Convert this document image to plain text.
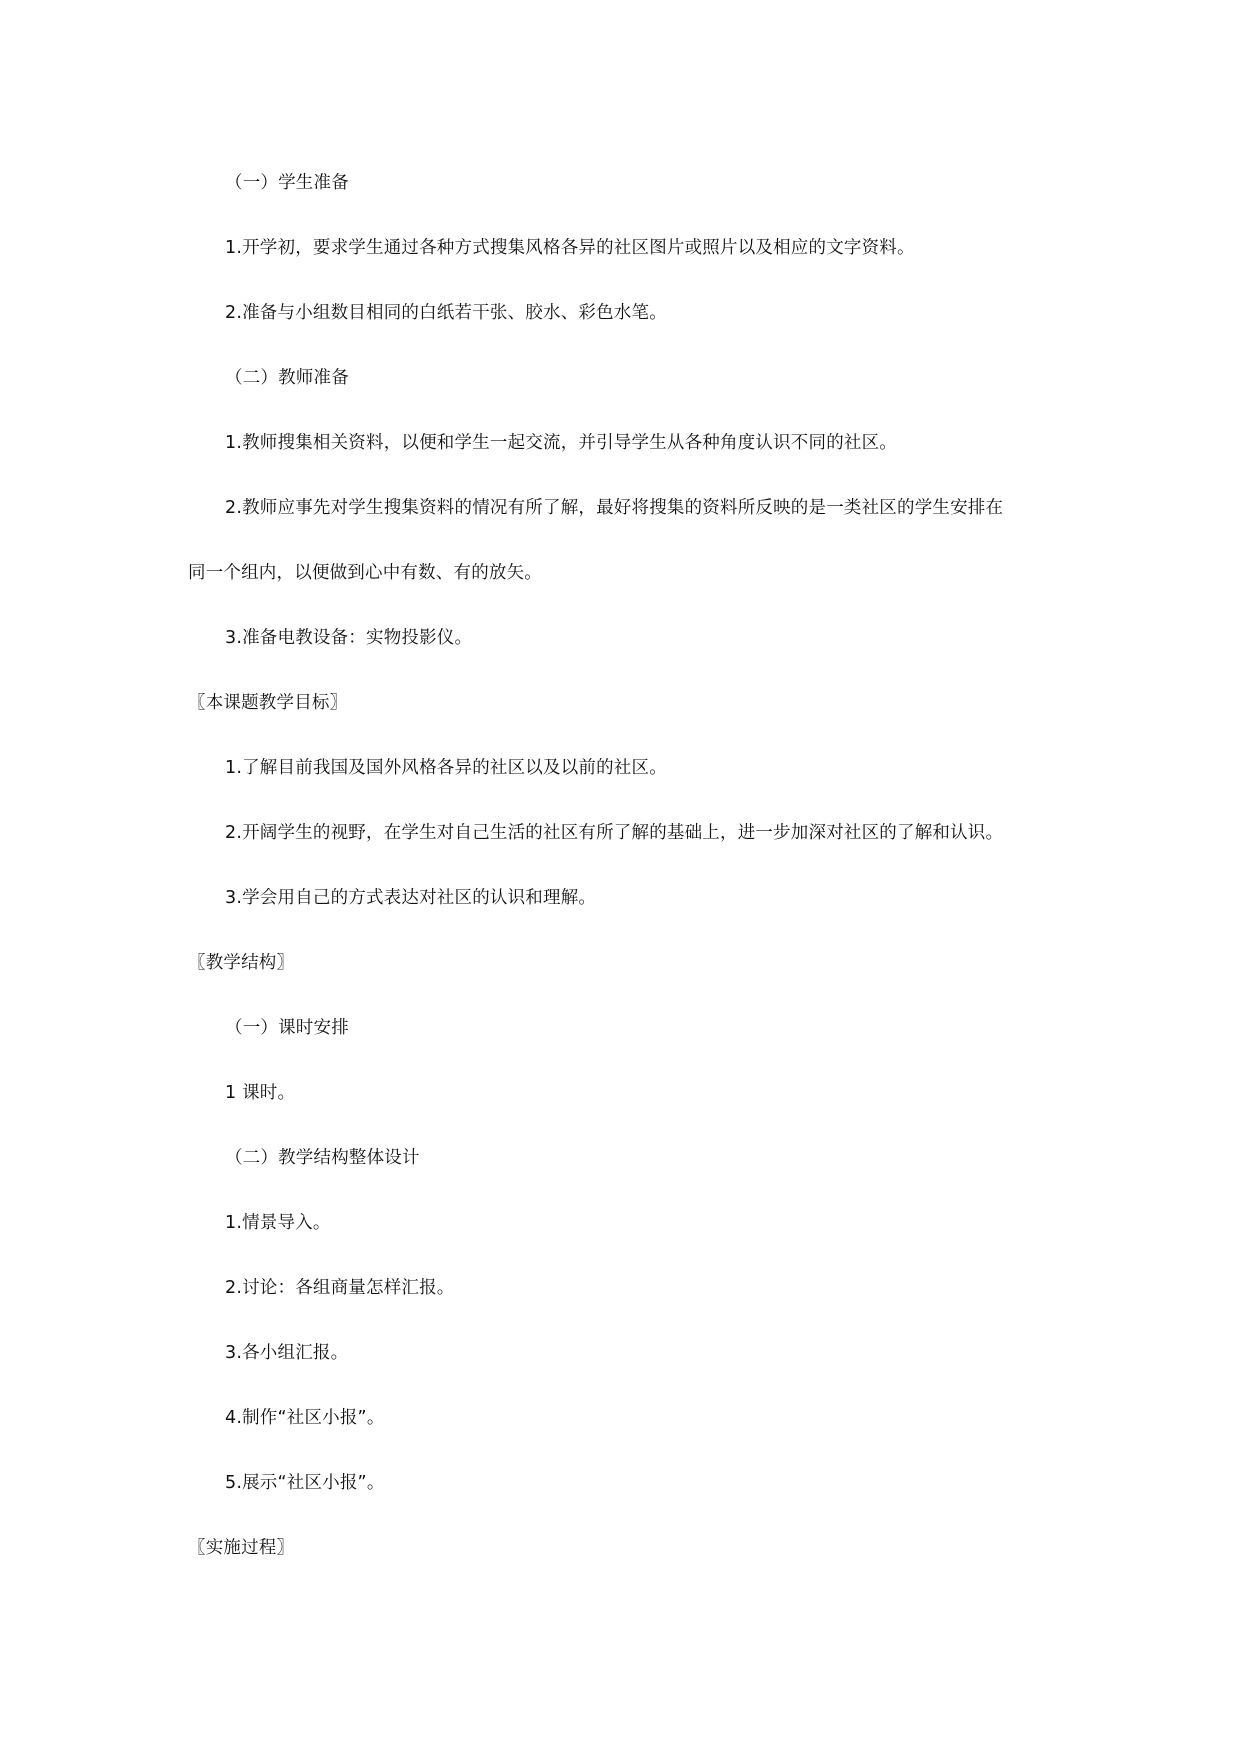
（一）学生准备
1.开学初，要求学生通过各种方式搜集风格各异的社区图片或照片以及相应的文字资料。
2.准备与小组数目相同的白纸若干张、胶水、彩色水笔。
（二）教师准备
1.教师搜集相关资料，以便和学生一起交流，并引导学生从各种角度认识不同的社区。
2.教师应事先对学生搜集资料的情况有所了解，最好将搜集的资料所反映的是一类社区的学生安排在
同一个组内，以便做到心中有数、有的放矢。
3.准备电教设备：实物投影仪。
〖本课题教学目标〗
1.了解目前我国及国外风格各异的社区以及以前的社区。
2.开阔学生的视野，在学生对自己生活的社区有所了解的基础上，进一步加深对社区的了解和认识。
3.学会用自己的方式表达对社区的认识和理解。
〖教学结构〗
（一）课时安排
1 课时。
（二）教学结构整体设计
1.情景导入。
2.讨论：各组商量怎样汇报。
3.各小组汇报。
4.制作“社区小报”。
5.展示“社区小报”。
〖实施过程〗
